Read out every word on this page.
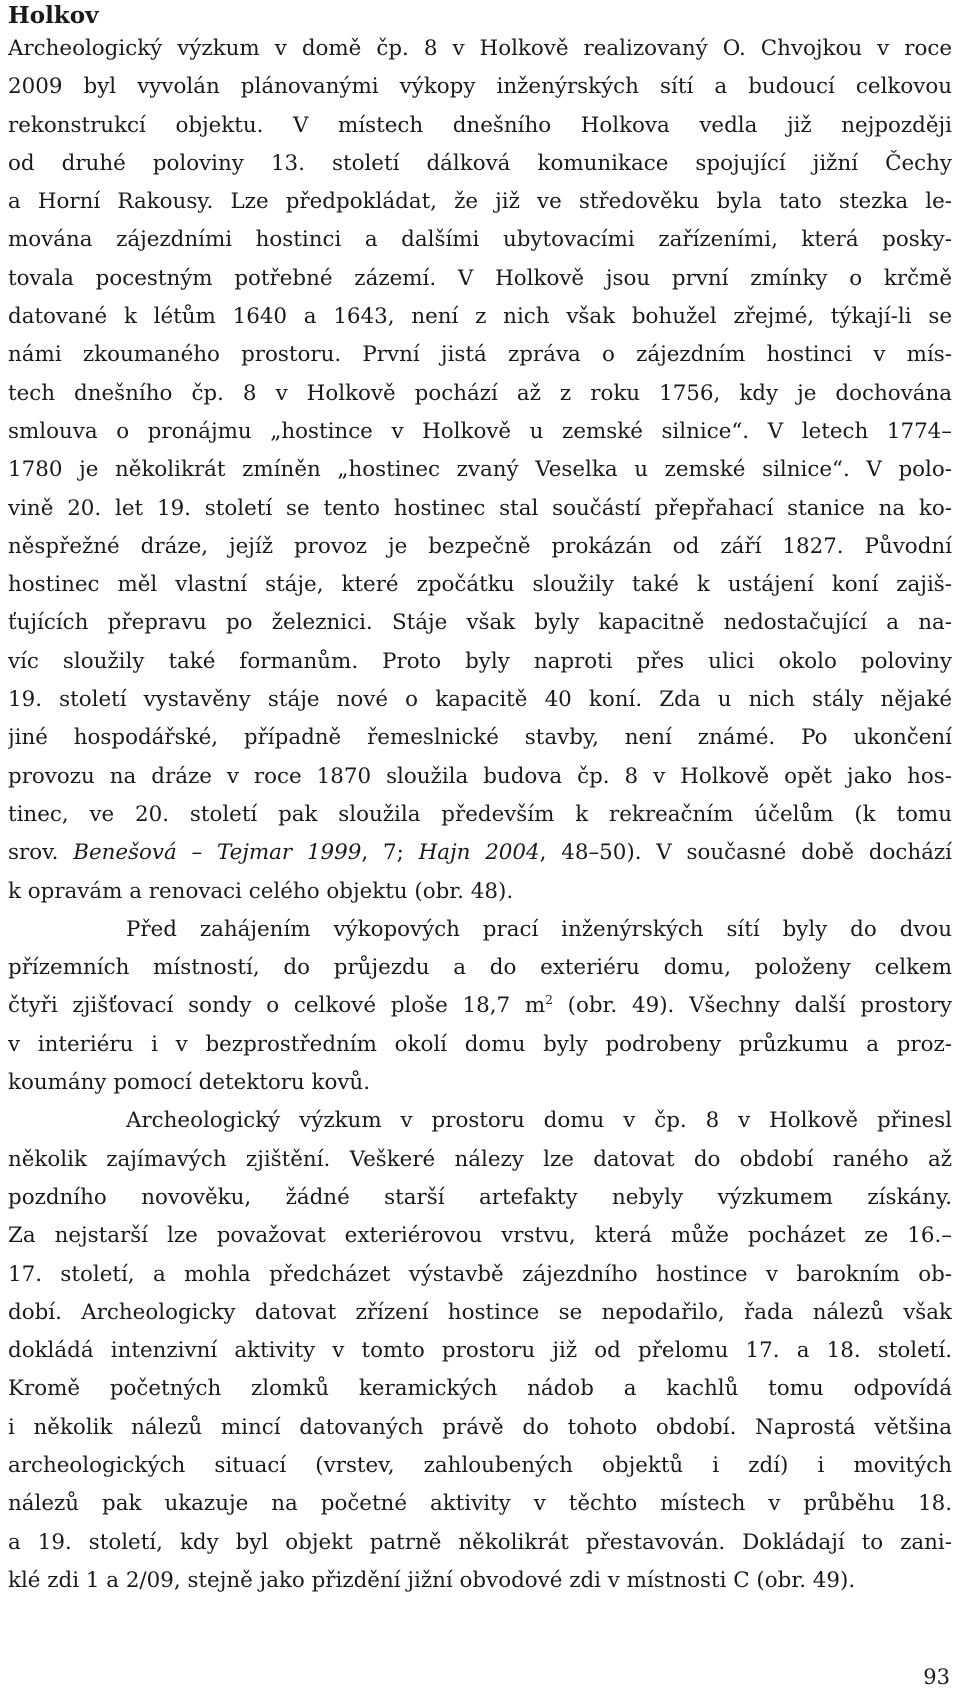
Holkov
Archeologický výzkum v domě čp. 8 v Holkově realizovaný O. Chvojkou v roce
2009 byl vyvolán plánovanými výkopy inženýrských sítí a budoucí celkovou
rekonstrukcí objektu. V místech dnešního Holkova vedla již nejpozději
od druhé poloviny 13. století dálková komunikace spojující jižní Čechy
a Horní Rakousy. Lze předpokládat, že již ve středověku byla tato stezka le-
mována zájezdními hostinci a dalšími ubytovacími zařízeními, která posky-
tovala pocestným potřebné zázemí. V Holkově jsou první zmínky o krčmě
datované k létům 1640 a 1643, není z nich však bohužel zřejmé, týkají-li se
námi zkoumaného prostoru. První jistá zpráva o zájezdním hostinci v mís-
tech dnešního čp. 8 v Holkově pochází až z roku 1756, kdy je dochována
smlouva o pronájmu „hostince v Holkově u zemské silnice“. V letech 1774–
1780 je několikrát zmíněn „hostinec zvaný Veselka u zemské silnice“. V polo-
vině 20. let 19. století se tento hostinec stal součástí přepřahací stanice na ko-
něspřežné dráze, jejíž provoz je bezpečně prokázán od září 1827. Původní
hostinec měl vlastní stáje, které zpočátku sloužily také k ustájení koní zajiš-
ťujících přepravu po železnici. Stáje však byly kapacitně nedostačující a na-
víc sloužily také formanům. Proto byly naproti přes ulici okolo poloviny
19. století vystavěny stáje nové o kapacitě 40 koní. Zda u nich stály nějaké
jiné hospodářské, případně řemeslnické stavby, není známé. Po ukončení
provozu na dráze v roce 1870 sloužila budova čp. 8 v Holkově opět jako hos-
tinec, ve 20. století pak sloužila především k rekreačním účelům (k tomu
srov. Benešová – Tejmar 1999, 7; Hajn 2004, 48–50). V současné době dochází
k opravám a renovaci celého objektu (obr. 48).
Před zahájením výkopových prací inženýrských sítí byly do dvou
přízemních místností, do průjezdu a do exteriéru domu, položeny celkem
čtyři zjišťovací sondy o celkové ploše 18,7 $m^2$ (obr. 49). Všechny další prostory
v interiéru i v bezprostředním okolí domu byly podrobeny průzkumu a proz-
koumány pomocí detektoru kovů.
Archeologický výzkum v prostoru domu v čp. 8 v Holkově přinesl
několik zajímavých zjištění. Veškeré nálezy lze datovat do období raného až
pozdního novověku, žádné starší artefakty nebyly výzkumem získány.
Za nejstarší lze považovat exteriérovou vrstvu, která může pocházet ze 16.–
17. století, a mohla předcházet výstavbě zájezdního hostince v barokním ob-
dobí. Archeologicky datovat zřízení hostince se nepodařilo, řada nálezů však
dokládá intenzivní aktivity v tomto prostoru již od přelomu 17. a 18. století.
Kromě početných zlomků keramických nádob a kachlů tomu odpovídá
i několik nálezů mincí datovaných právě do tohoto období. Naprostá většina
archeologických situací (vrstev, zahloubených objektů i zdí) i movitých
nálezů pak ukazuje na početné aktivity v těchto místech v průběhu 18.
a 19. století, kdy byl objekt patrně několikrát přestavován. Dokládají to zani-
klé zdi 1 a 2/09, stejně jako přizdění jižní obvodové zdi v místnosti C (obr. 49).
93
